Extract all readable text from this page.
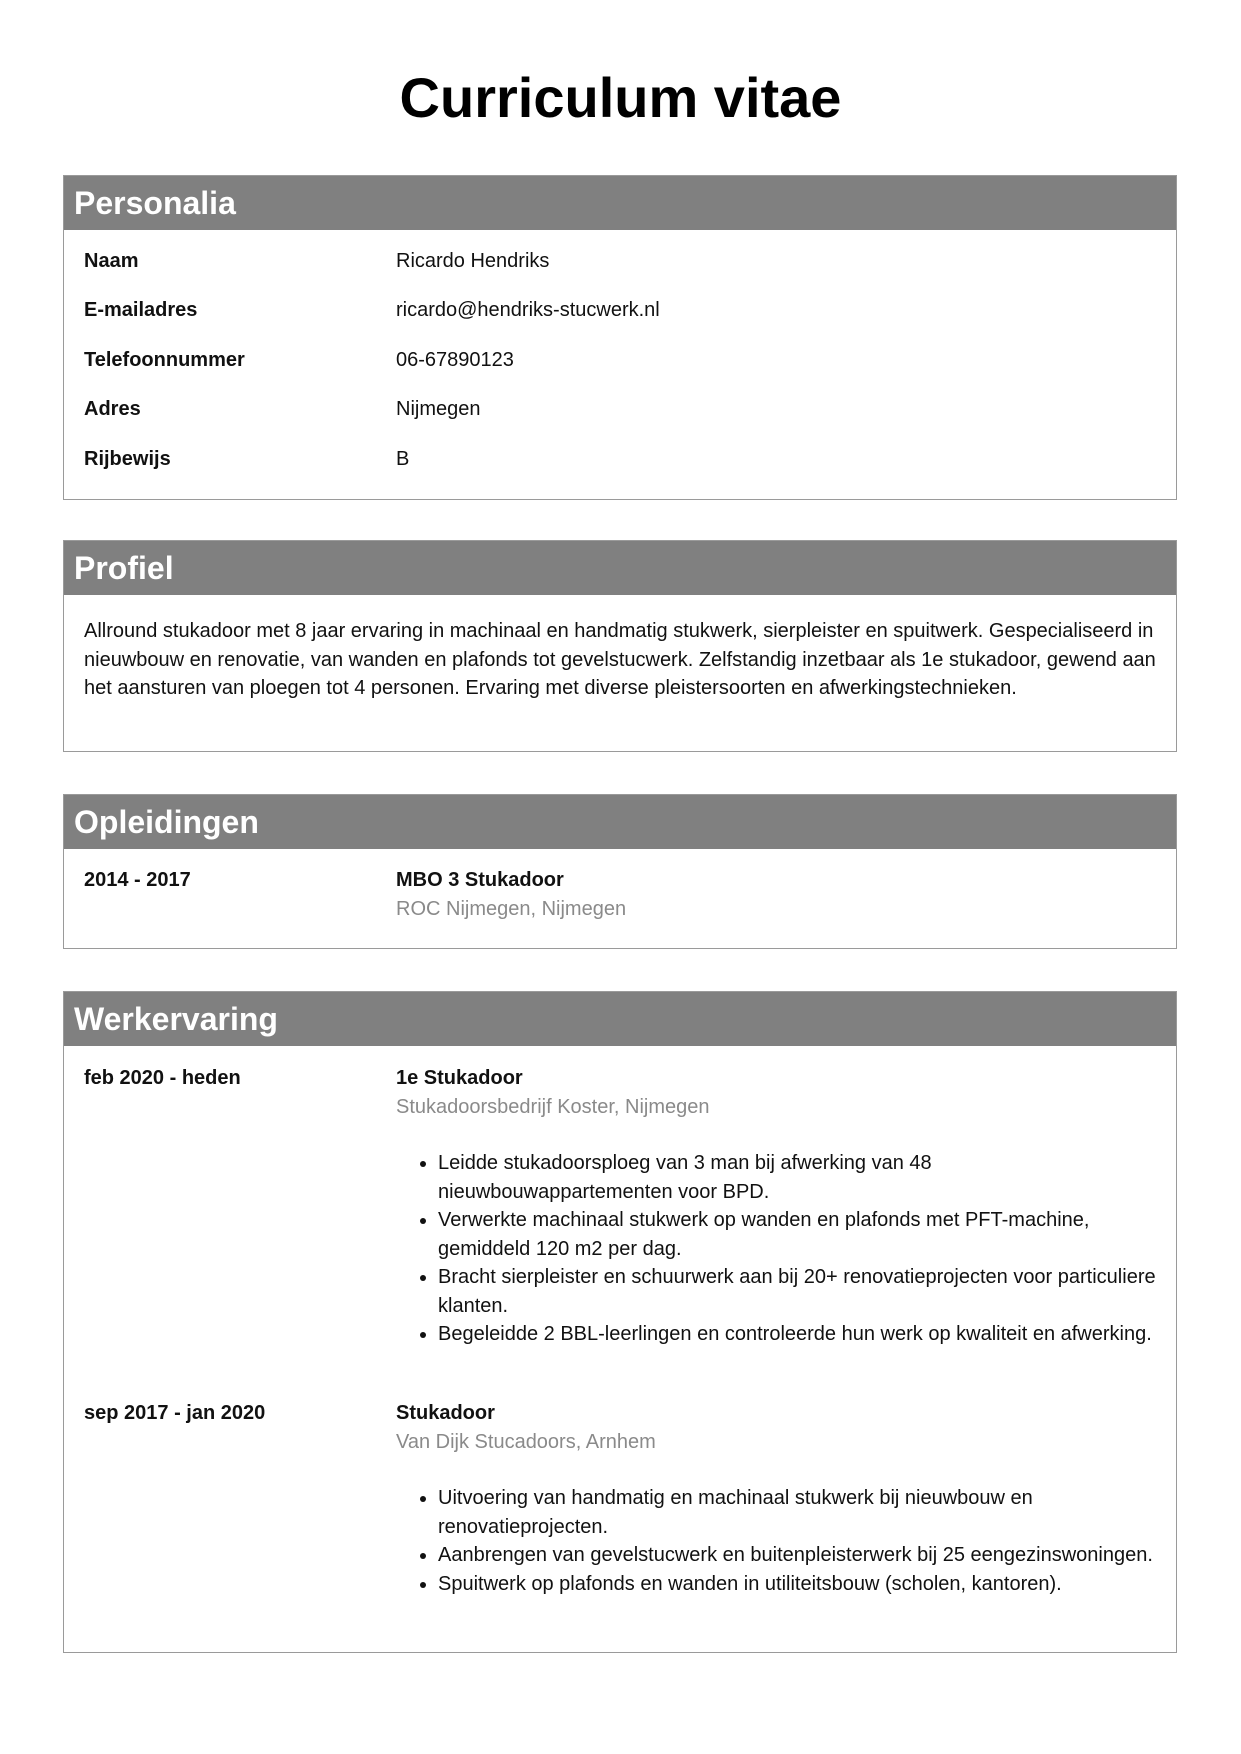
Curriculum vitae
Personalia
Naam	Ricardo Hendriks
E-mailadres	ricardo@hendriks-stucwerk.nl
Telefoonnummer	06-67890123
Adres	Nijmegen
Rijbewijs	B
Profiel
Allround stukadoor met 8 jaar ervaring in machinaal en handmatig stukwerk, sierpleister en spuitwerk. Gespecialiseerd in nieuwbouw en renovatie, van wanden en plafonds tot gevelstucwerk. Zelfstandig inzetbaar als 1e stukadoor, gewend aan het aansturen van ploegen tot 4 personen. Ervaring met diverse pleistersoorten en afwerkingstechnieken.
Opleidingen
2014 - 2017	MBO 3 Stukadoor
ROC Nijmegen, Nijmegen
Werkervaring
feb 2020 - heden	1e Stukadoor
Stukadoorsbedrijf Koster, Nijmegen
• Leidde stukadoorsploeg van 3 man bij afwerking van 48 nieuwbouwappartementen voor BPD.
• Verwerkte machinaal stukwerk op wanden en plafonds met PFT-machine, gemiddeld 120 m2 per dag.
• Bracht sierpleister en schuurwerk aan bij 20+ renovatieprojecten voor particuliere klanten.
• Begeleidde 2 BBL-leerlingen en controleerde hun werk op kwaliteit en afwerking.
sep 2017 - jan 2020	Stukadoor
Van Dijk Stucadoors, Arnhem
• Uitvoering van handmatig en machinaal stukwerk bij nieuwbouw en renovatieprojecten.
• Aanbrengen van gevelstucwerk en buitenpleisterwerk bij 25 eengezinswoningen.
• Spuitwerk op plafonds en wanden in utiliteitsbouw (scholen, kantoren).
